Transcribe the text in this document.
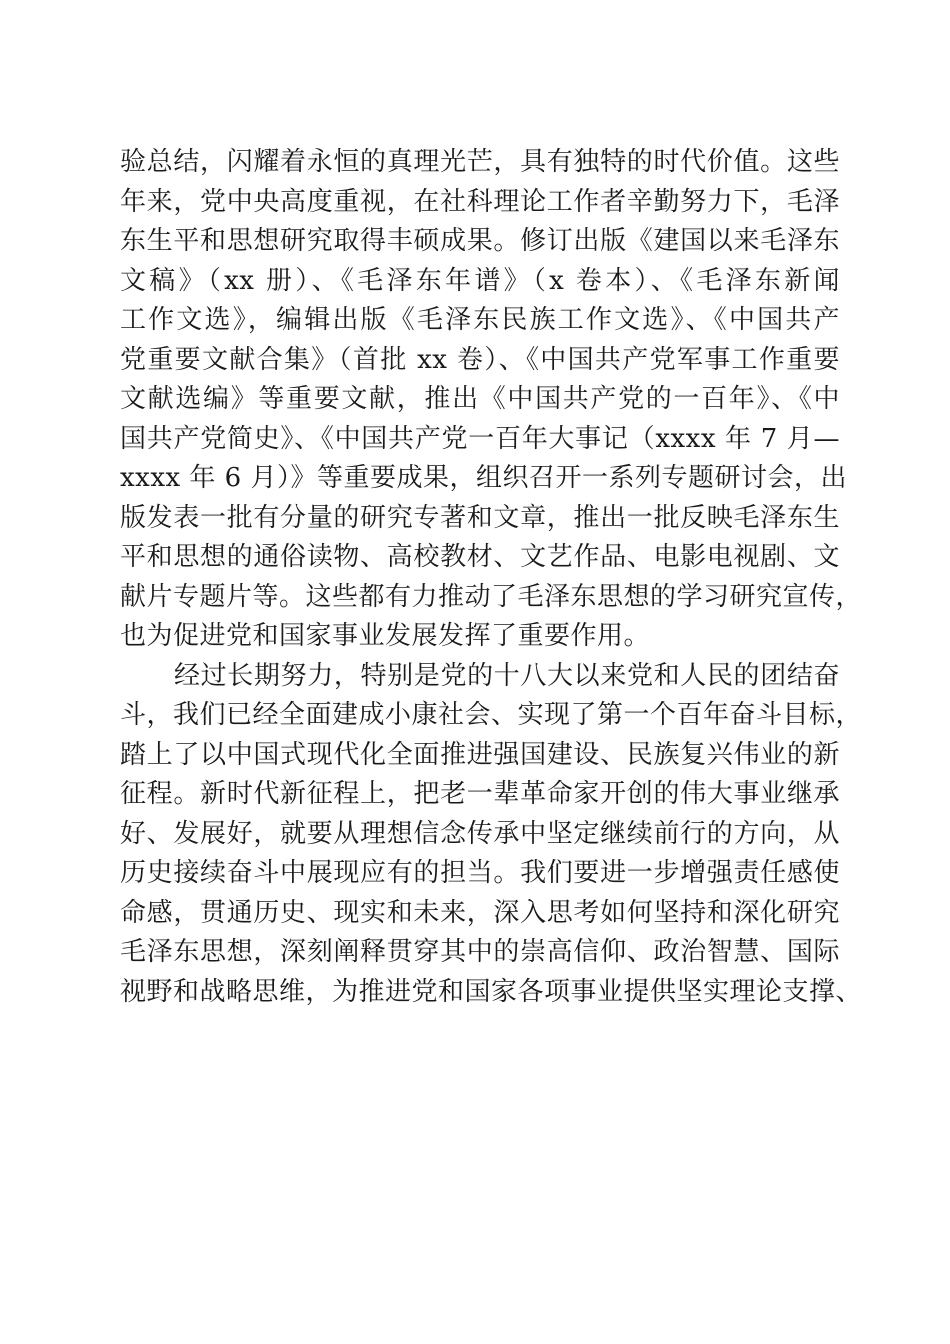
验总结，闪耀着永恒的真理光芒，具有独特的时代价值。这些
年来，党中央高度重视，在社科理论工作者辛勤努力下，毛泽
东生平和思想研究取得丰硕成果。修订出版《建国以来毛泽东
文稿》（xx 册）、《毛泽东年谱》（x 卷本）、《毛泽东新闻
工作文选》，编辑出版《毛泽东民族工作文选》、《中国共产
党重要文献合集》（首批 xx 卷）、《中国共产党军事工作重要
文献选编》等重要文献，推出《中国共产党的一百年》、《中
国共产党简史》、《中国共产党一百年大事记（xxxx 年 7 月—
xxxx 年 6 月）》等重要成果，组织召开一系列专题研讨会，出
版发表一批有分量的研究专著和文章，推出一批反映毛泽东生
平和思想的通俗读物、高校教材、文艺作品、电影电视剧、文
献片专题片等。这些都有力推动了毛泽东思想的学习研究宣传，
也为促进党和国家事业发展发挥了重要作用。
经过长期努力，特别是党的十八大以来党和人民的团结奋
斗，我们已经全面建成小康社会、实现了第一个百年奋斗目标，
踏上了以中国式现代化全面推进强国建设、民族复兴伟业的新
征程。新时代新征程上，把老一辈革命家开创的伟大事业继承
好、发展好，就要从理想信念传承中坚定继续前行的方向，从
历史接续奋斗中展现应有的担当。我们要进一步增强责任感使
命感，贯通历史、现实和未来，深入思考如何坚持和深化研究
毛泽东思想，深刻阐释贯穿其中的崇高信仰、政治智慧、国际
视野和战略思维，为推进党和国家各项事业提供坚实理论支撑、
